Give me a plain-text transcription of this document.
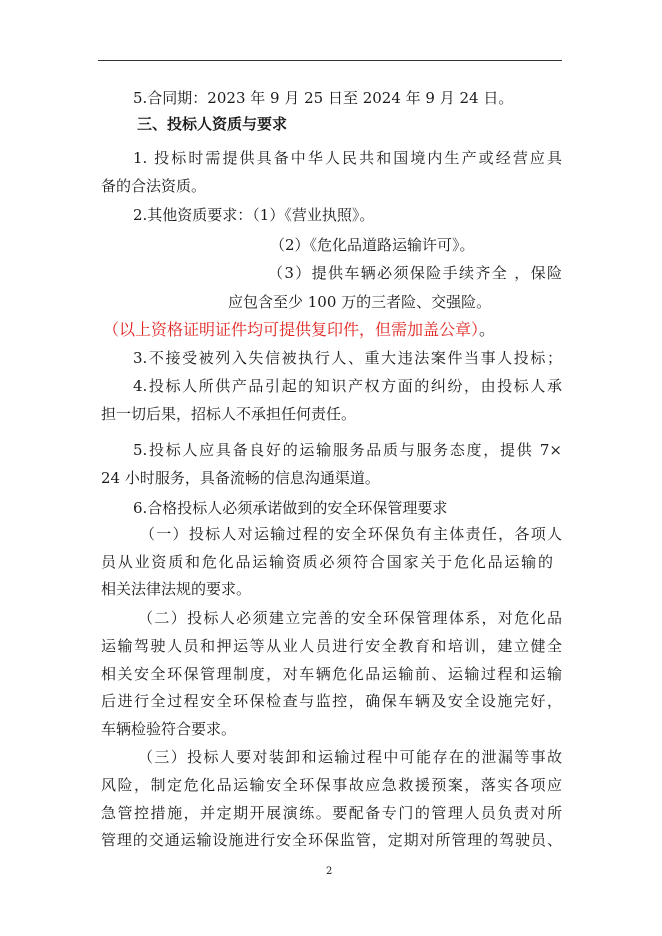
5.合同期：2023 年 9 月 25 日至 2024 年 9 月 24 日。
三、投标人资质与要求
1. 投标时需提供具备中华人民共和国境内生产或经营应具
备的合法资质。
2.其他资质要求：（1）《营业执照》。
（2）《危化品道路运输许可》。
（3）提供车辆必须保险手续齐全 ，保险
应包含至少 100 万的三者险、交强险。
（以上资格证明证件均可提供复印件，但需加盖公章）。
3.不接受被列入失信被执行人、重大违法案件当事人投标；
4.投标人所供产品引起的知识产权方面的纠纷，由投标人承
担一切后果，招标人不承担任何责任。
5.投标人应具备良好的运输服务品质与服务态度，提供 7×
24 小时服务，具备流畅的信息沟通渠道。
6.合格投标人必须承诺做到的安全环保管理要求
（一）投标人对运输过程的安全环保负有主体责任，各项人
员从业资质和危化品运输资质必须符合国家关于危化品运输的
相关法律法规的要求。
（二）投标人必须建立完善的安全环保管理体系，对危化品
运输驾驶人员和押运等从业人员进行安全教育和培训，建立健全
相关安全环保管理制度，对车辆危化品运输前、运输过程和运输
后进行全过程安全环保检查与监控，确保车辆及安全设施完好，
车辆检验符合要求。
（三）投标人要对装卸和运输过程中可能存在的泄漏等事故
风险，制定危化品运输安全环保事故应急救援预案，落实各项应
急管控措施，并定期开展演练。要配备专门的管理人员负责对所
管理的交通运输设施进行安全环保监管，定期对所管理的驾驶员、
2
